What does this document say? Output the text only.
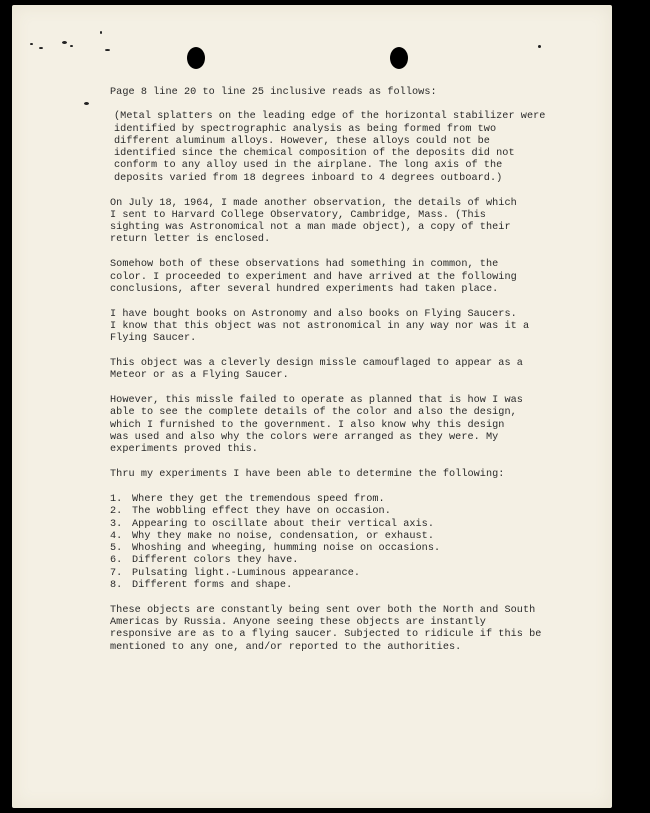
Page 8 line 20 to line 25 inclusive reads as follows:
(Metal splatters on the leading edge of the horizontal stabilizer were
identified by spectrographic analysis as being formed from two
different aluminum alloys. However, these alloys could not be
identified since the chemical composition of the deposits did not
conform to any alloy used in the airplane. The long axis of the
deposits varied from 18 degrees inboard to 4 degrees outboard.)
On July 18, 1964, I made another observation, the details of which
I sent to Harvard College Observatory, Cambridge, Mass. (This
sighting was Astronomical not a man made object), a copy of their
return letter is enclosed.
Somehow both of these observations had something in common, the
color. I proceeded to experiment and have arrived at the following
conclusions, after several hundred experiments had taken place.
I have bought books on Astronomy and also books on Flying Saucers.
I know that this object was not astronomical in any way nor was it a
Flying Saucer.
This object was a cleverly design missle camouflaged to appear as a
Meteor or as a Flying Saucer.
However, this missle failed to operate as planned that is how I was
able to see the complete details of the color and also the design,
which I furnished to the government. I also know why this design
was used and also why the colors were arranged as they were. My
experiments proved this.
Thru my experiments I have been able to determine the following:
1. Where they get the tremendous speed from.
2. The wobbling effect they have on occasion.
3. Appearing to oscillate about their vertical axis.
4. Why they make no noise, condensation, or exhaust.
5. Whoshing and wheeging, humming noise on occasions.
6. Different colors they have.
7. Pulsating light.-Luminous appearance.
8. Different forms and shape.
These objects are constantly being sent over both the North and South
Americas by Russia. Anyone seeing these objects are instantly
responsive are as to a flying saucer. Subjected to ridicule if this be
mentioned to any one, and/or reported to the authorities.
